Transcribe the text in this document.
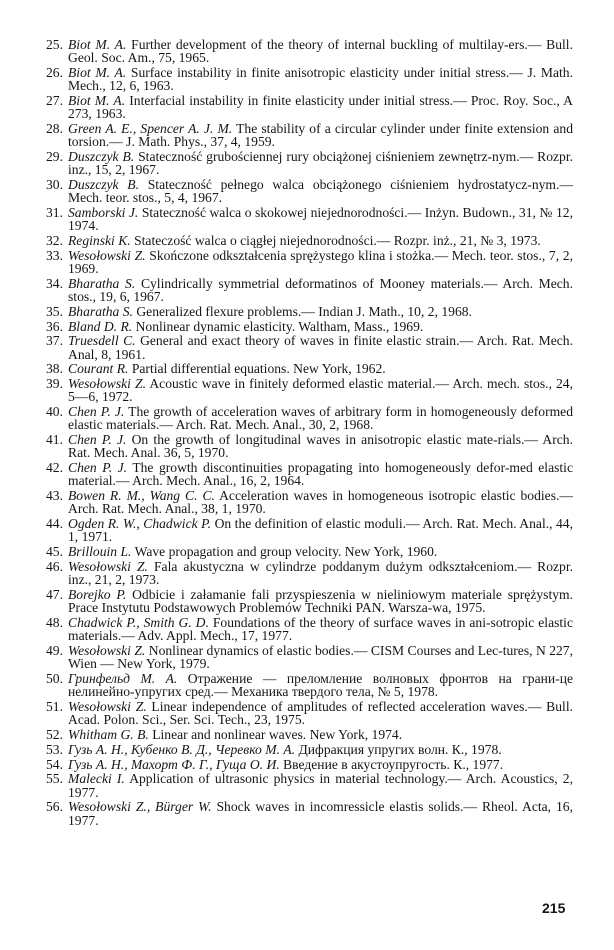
25. Biot M. A. Further development of the theory of internal buckling of multilay-ers.— Bull. Geol. Soc. Am., 75, 1965.
26. Biot M. A. Surface instability in finite anisotropic elasticity under initial stress.— J. Math. Mech., 12, 6, 1963.
27. Biot M. A. Interfacial instability in finite elasticity under initial stress.— Proc. Roy. Soc., A 273, 1963.
28. Green A. E., Spencer A. J. M. The stability of a circular cylinder under finite extension and torsion.— J. Math. Phys., 37, 4, 1959.
29. Duszczyk B. Stateczność grubościennej rury obciążonej ciśnieniem zewnętrz-nym.— Rozpr. inz., 15, 2, 1967.
30. Duszczyk B. Stateczność pełnego walca obciążonego ciśnieniem hydrostatycz-nym.— Mech. teor. stos., 5, 4, 1967.
31. Samborski J. Stateczność walca o skokowej niejednorodności.— Inżyn. Budown., 31, № 12, 1974.
32. Reginski K. Stateczość walca o ciągłej niejednorodności.— Rozpr. inż., 21, № 3, 1973.
33. Wesołowski Z. Skończone odkształcenia sprężystego klina i stożka.— Mech. teor. stos., 7, 2, 1969.
34. Bharatha S. Cylindrically symmetrial deformatinos of Mooney materials.— Arch. Mech. stos., 19, 6, 1967.
35. Bharatha S. Generalized flexure problems.— Indian J. Math., 10, 2, 1968.
36. Bland D. R. Nonlinear dynamic elasticity. Waltham, Mass., 1969.
37. Truesdell C. General and exact theory of waves in finite elastic strain.— Arch. Rat. Mech. Anal, 8, 1961.
38. Courant R. Partial differential equations. New York, 1962.
39. Wesołowski Z. Acoustic wave in finitely deformed elastic material.— Arch. mech. stos., 24, 5—6, 1972.
40. Chen P. J. The growth of acceleration waves of arbitrary form in homogeneously deformed elastic materials.— Arch. Rat. Mech. Anal., 30, 2, 1968.
41. Chen P. J. On the growth of longitudinal waves in anisotropic elastic mate-rials.— Arch. Rat. Mech. Anal. 36, 5, 1970.
42. Chen P. J. The growth discontinuities propagating into homogeneously defor-med elastic material.— Arch. Mech. Anal., 16, 2, 1964.
43. Bowen R. M., Wang C. C. Acceleration waves in homogeneous isotropic elastic bodies.— Arch. Rat. Mech. Anal., 38, 1, 1970.
44. Ogden R. W., Chadwick P. On the definition of elastic moduli.— Arch. Rat. Mech. Anal., 44, 1, 1971.
45. Brillouin L. Wave propagation and group velocity. New York, 1960.
46. Wesołowski Z. Fala akustyczna w cylindrze poddanym dużym odkształceniom.— Rozpr. inz., 21, 2, 1973.
47. Borejko P. Odbicie i załamanie fali przyspieszenia w nieliniowym materiale sprężystym. Prace Instytutu Podstawowych Problemów Techniki PAN. Warsza-wa, 1975.
48. Chadwick P., Smith G. D. Foundations of the theory of surface waves in ani-sotropic elastic materials.— Adv. Appl. Mech., 17, 1977.
49. Wesołowski Z. Nonlinear dynamics of elastic bodies.— CISM Courses and Lec-tures, N 227, Wien — New York, 1979.
50. Гринфельд М. А. Отражение — преломление волновых фронтов на грани-це нелинейно-упругих сред.— Механика твердого тела, № 5, 1978.
51. Wesołowski Z. Linear independence of amplitudes of reflected acceleration waves.— Bull. Acad. Polon. Sci., Ser. Sci. Tech., 23, 1975.
52. Whitham G. B. Linear and nonlinear waves. New York, 1974.
53. Гузь А. Н., Кубенко В. Д., Черевко М. А. Дифракция упругих волн. К., 1978.
54. Гузь А. Н., Махорт Ф. Г., Гуща О. И. Введение в акустоупругость. К., 1977.
55. Malecki I. Application of ultrasonic physics in material technology.— Arch. Acoustics, 2, 1977.
56. Wesołowski Z., Bürger W. Shock waves in incomressicle elastis solids.— Rheol. Acta, 16, 1977.
215
